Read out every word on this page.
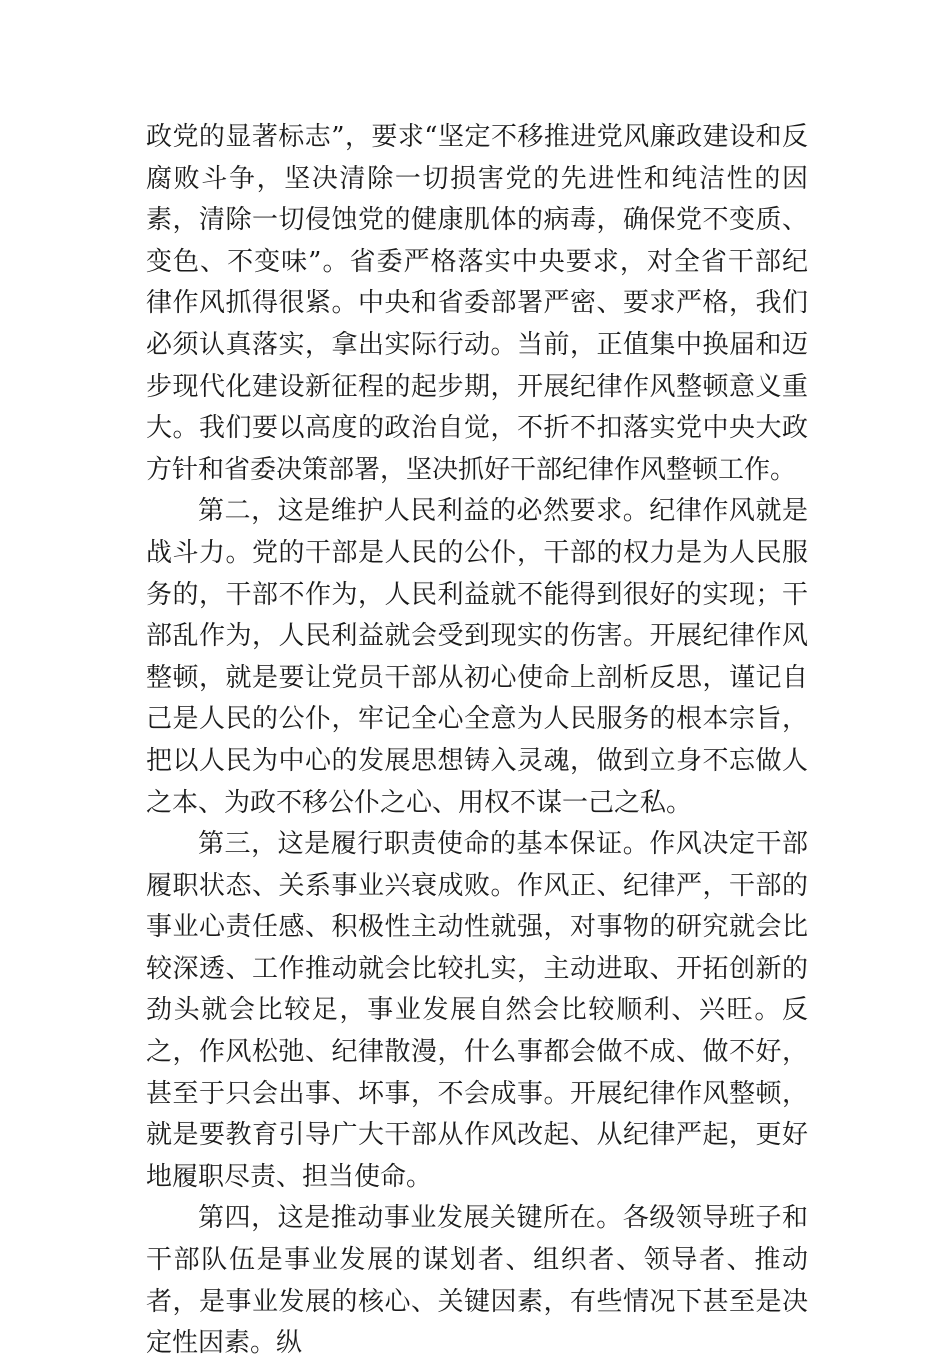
政党的显著标志”，要求“坚定不移推进党风廉政建设和反腐败斗争，坚决清除一切损害党的先进性和纯洁性的因素，清除一切侵蚀党的健康肌体的病毒，确保党不变质、变色、不变味”。省委严格落实中央要求，对全省干部纪律作风抓得很紧。中央和省委部署严密、要求严格，我们必须认真落实，拿出实际行动。当前，正值集中换届和迈步现代化建设新征程的起步期，开展纪律作风整顿意义重大。我们要以高度的政治自觉，不折不扣落实党中央大政方针和省委决策部署，坚决抓好干部纪律作风整顿工作。

第二，这是维护人民利益的必然要求。纪律作风就是战斗力。党的干部是人民的公仆，干部的权力是为人民服务的，干部不作为，人民利益就不能得到很好的实现；干部乱作为，人民利益就会受到现实的伤害。开展纪律作风整顿，就是要让党员干部从初心使命上剖析反思，谨记自己是人民的公仆，牢记全心全意为人民服务的根本宗旨，把以人民为中心的发展思想铸入灵魂，做到立身不忘做人之本、为政不移公仆之心、用权不谋一己之私。

第三，这是履行职责使命的基本保证。作风决定干部履职状态、关系事业兴衰成败。作风正、纪律严，干部的事业心责任感、积极性主动性就强，对事物的研究就会比较深透、工作推动就会比较扎实，主动进取、开拓创新的劲头就会比较足，事业发展自然会比较顺利、兴旺。反之，作风松弛、纪律散漫，什么事都会做不成、做不好，甚至于只会出事、坏事，不会成事。开展纪律作风整顿，就是要教育引导广大干部从作风改起、从纪律严起，更好地履职尽责、担当使命。

第四，这是推动事业发展关键所在。各级领导班子和干部队伍是事业发展的谋划者、组织者、领导者、推动者，是事业发展的核心、关键因素，有些情况下甚至是决定性因素。纵
